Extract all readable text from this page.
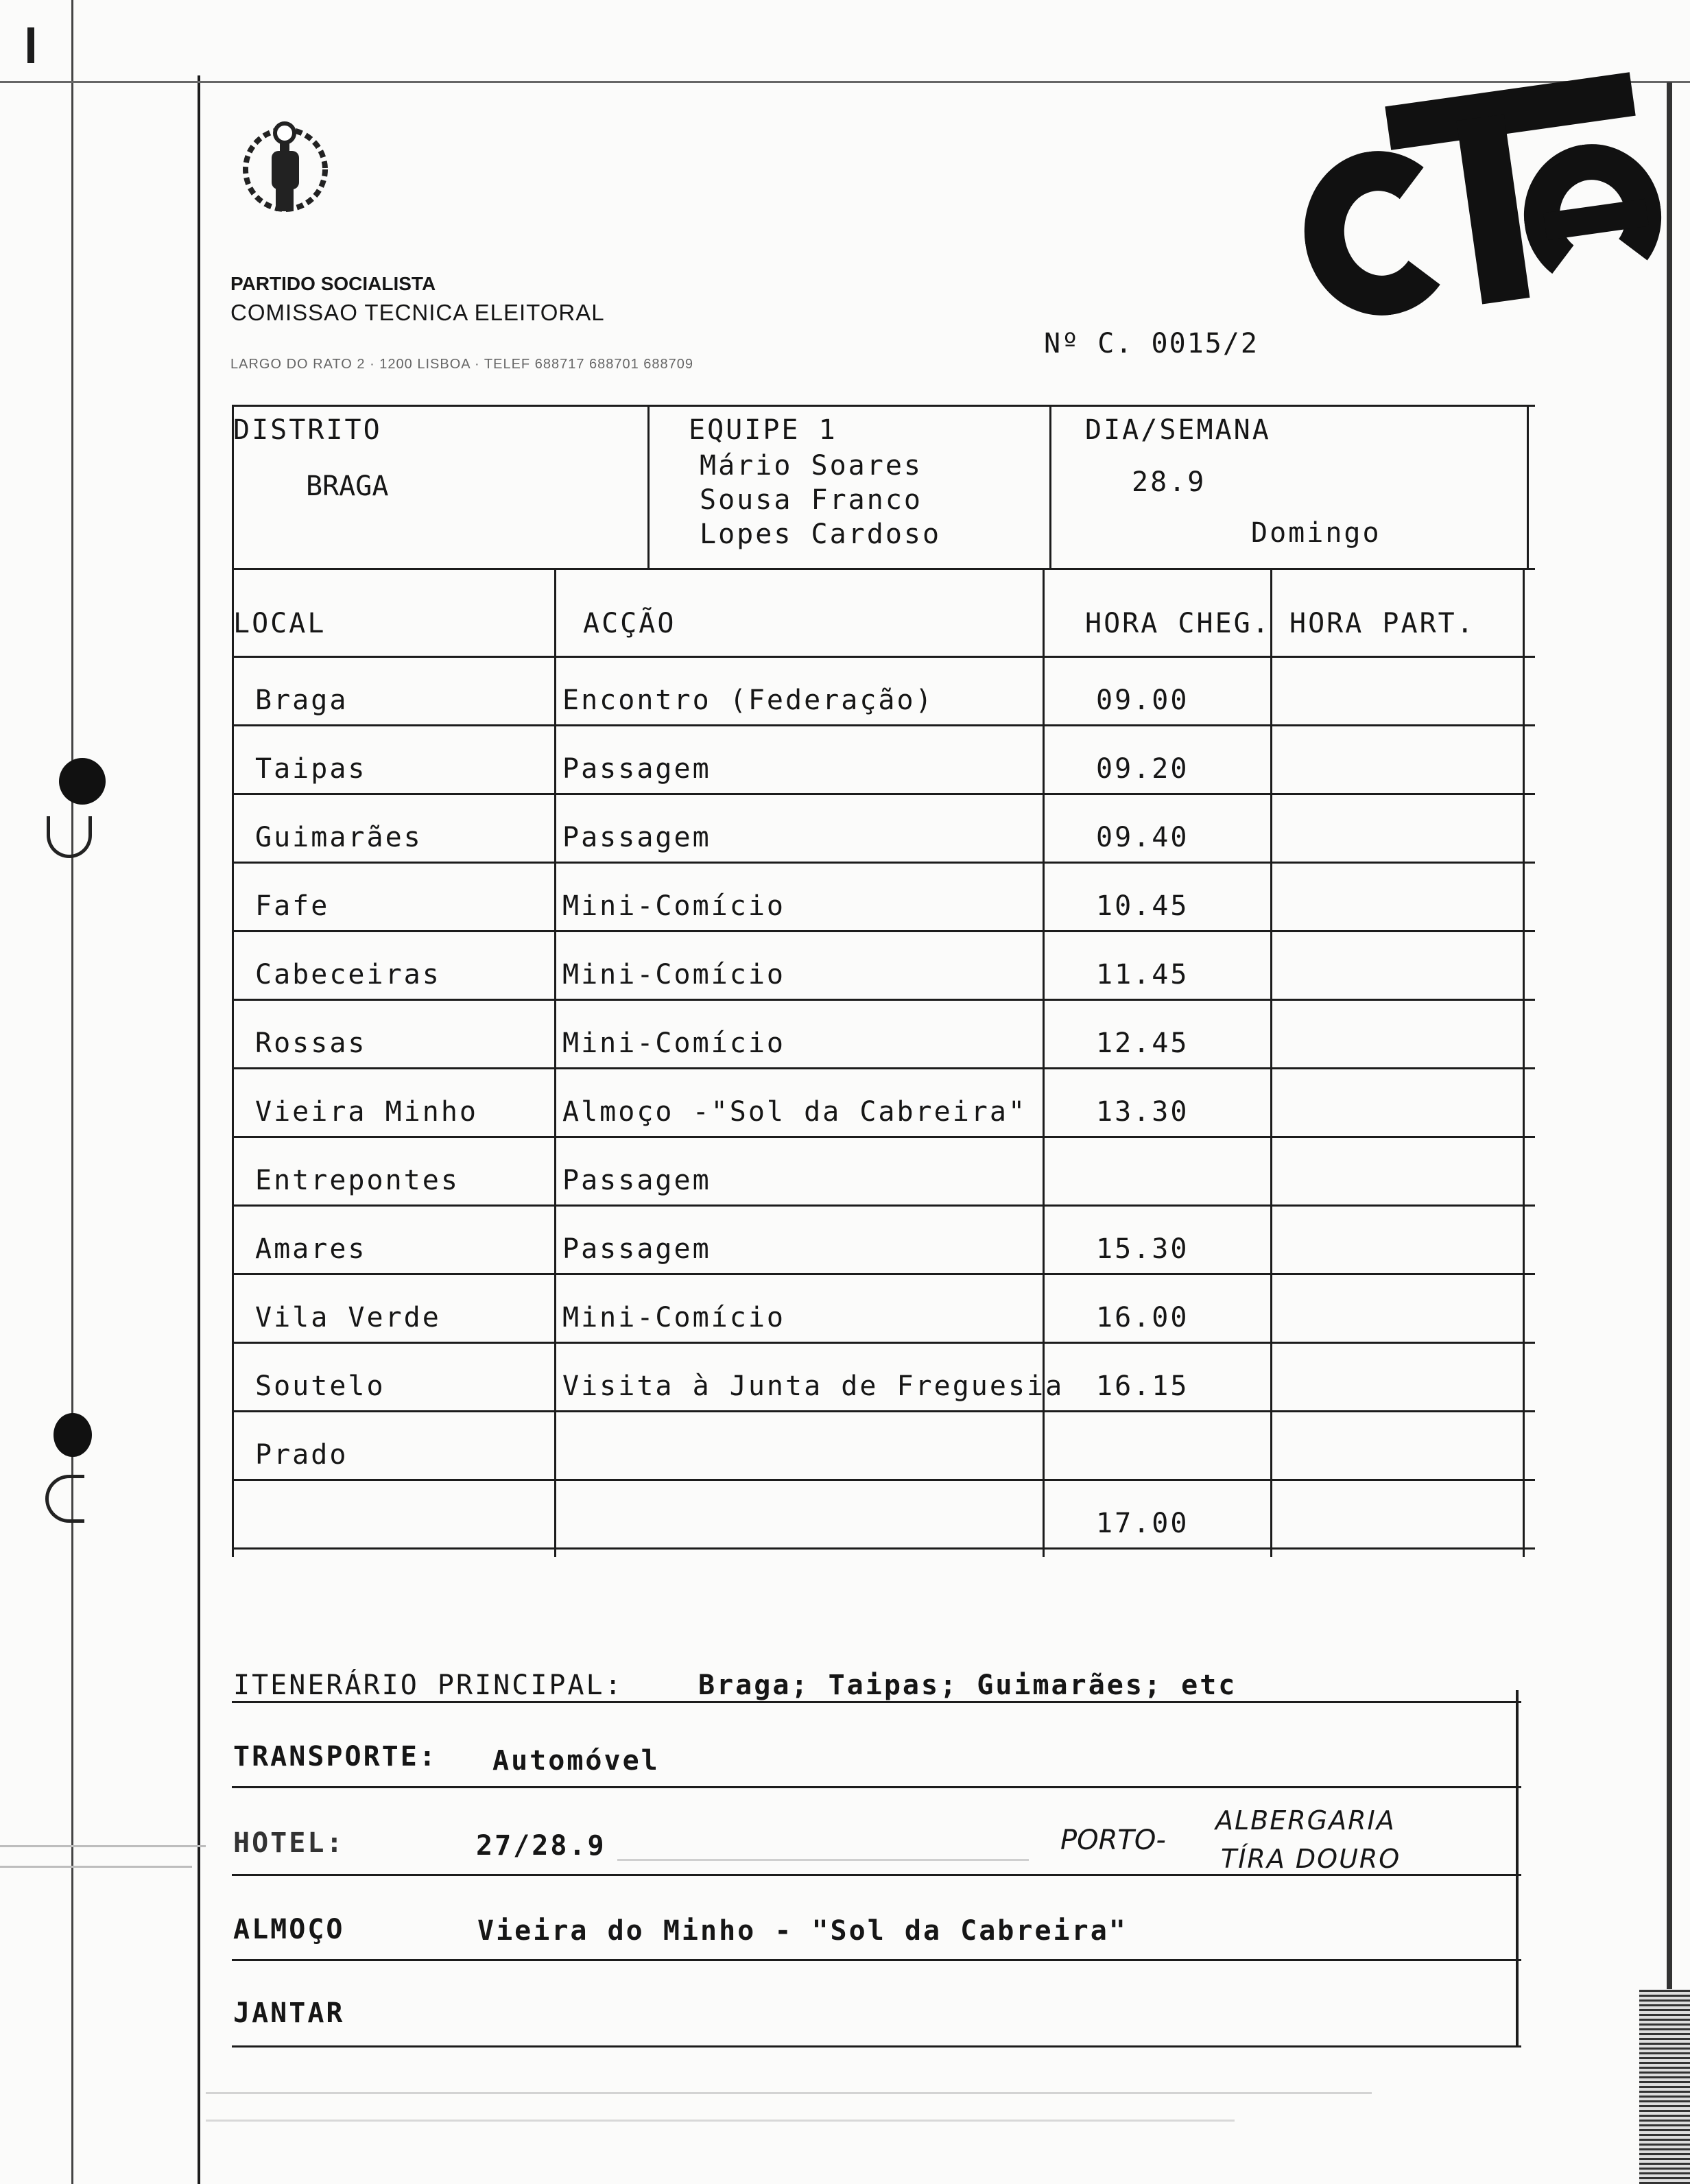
PARTIDO SOCIALISTA
COMISSAO TECNICA ELEITORAL
LARGO DO RATO 2 · 1200 LISBOA · TELEF 688717 688701 688709
Nº C. 0015/2
DISTRITO
BRAGA
EQUIPE 1
Mário Soares
Sousa Franco
Lopes Cardoso
DIA/SEMANA
28.9
Domingo
LOCAL	ACÇÃO	HORA CHEG. HORA PART.
Braga	Encontro (Federação)	09.00
Taipas	Passagem	09.20
Guimarães	Passagem	09.40
Fafe	Mini-Comício	10.45
Cabeceiras	Mini-Comício	11.45
Rossas	Mini-Comício	12.45
Vieira Minho	Almoço -"Sol da Cabreira"	13.30
Entrepontes	Passagem
Amares	Passagem	15.30
Vila Verde	Mini-Comício	16.00
Soutelo	Visita à Junta de Freguesia 16.15
Prado
17.00
ITENERÁRIO PRINCIPAL:	Braga; Taipas; Guimarães; etc
TRANSPORTE: Automóvel
HOTEL:	27/28.9	PORTO-
ALBERGARIA
TÍRA DOURO
ALMOÇO	Vieira do Minho - "Sol da Cabreira"
JANTAR
